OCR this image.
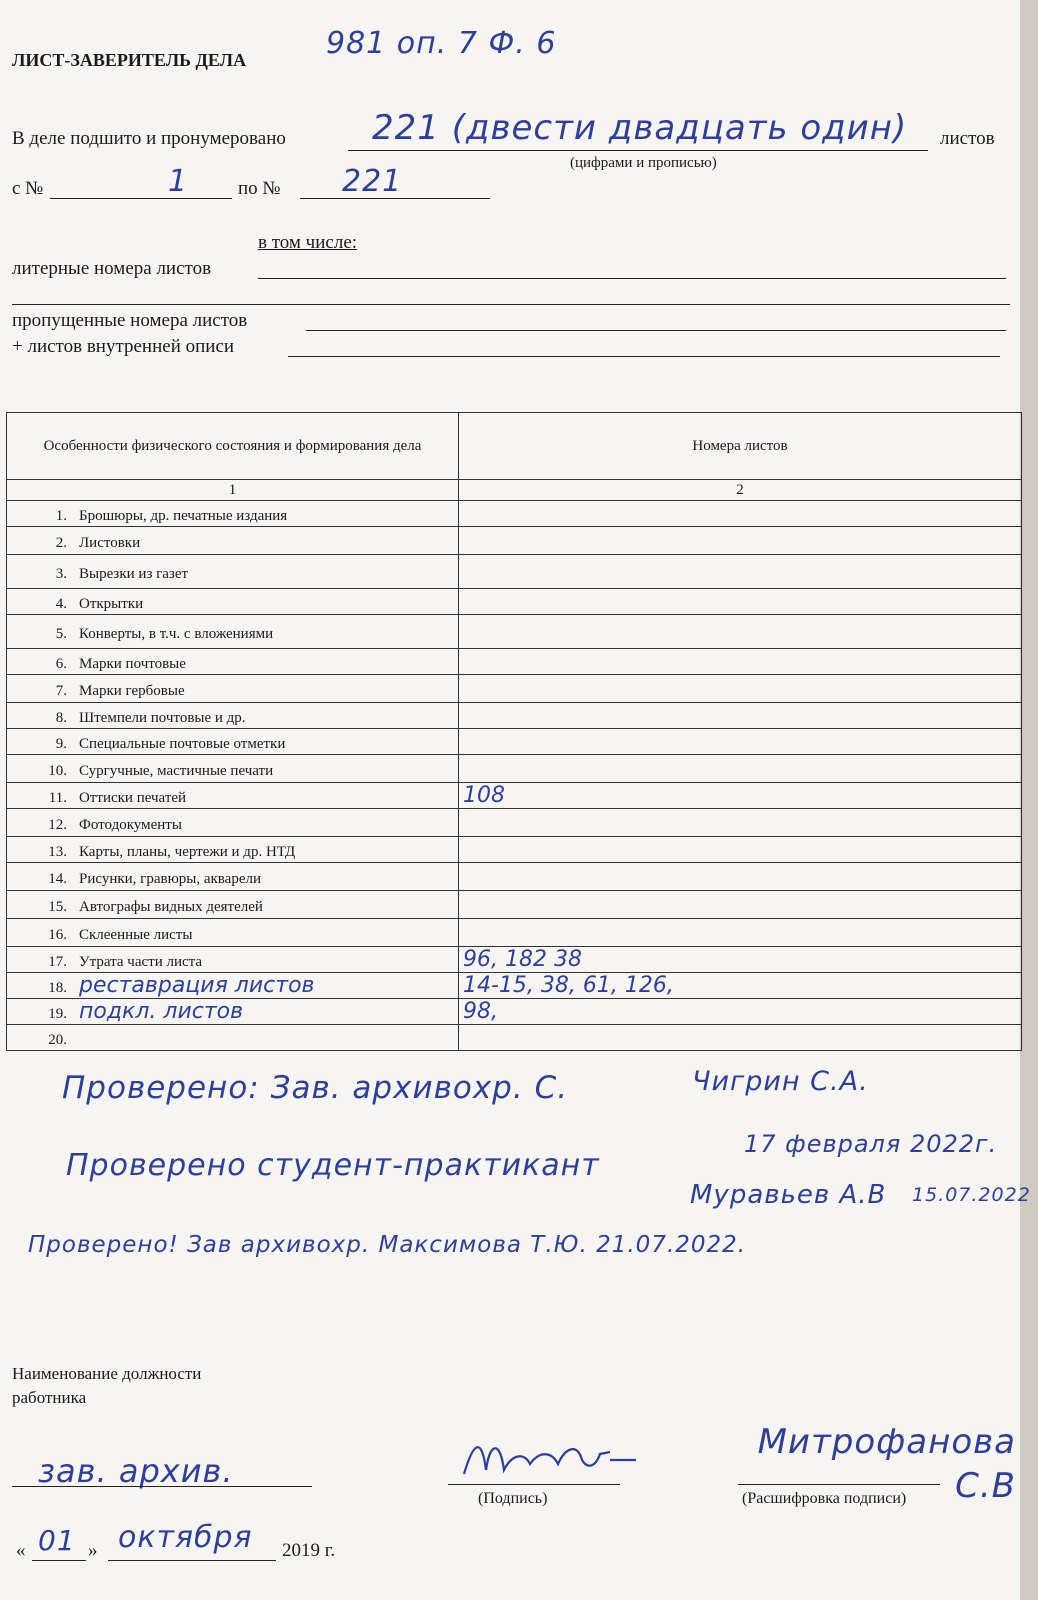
ЛИСТ-ЗАВЕРИТЕЛЬ ДЕЛА	981 оп. 7 Ф. 6
В деле подшито и пронумеровано	221 (двести двадцать один) листов
(цифрами и прописью)
с №	1	по № 221
в том числе:
литерные номера листов
пропущенные номера листов
+ листов внутренней описи
Особенности физического состояния и формирования дела	Номера листов
1	2
1. Брошюры, др. печатные издания	
2. Листовки	
3. Вырезки из газет	
4. Открытки	
5. Конверты, в т.ч. с вложениями	
6. Марки почтовые	
7. Марки гербовые	
8. Штемпели почтовые и др.	
9. Специальные почтовые отметки	
10. Сургучные, мастичные печати	
11. Оттиски печатей	108
12. Фотодокументы	
13. Карты, планы, чертежи и др. НТД	
14. Рисунки, гравюры, акварели	
15. Автографы видных деятелей	
16. Склеенные листы	
17. Утрата части листа	96, 182 38
18. реставрация листов	14-15, 38, 61, 126,
19. подкл. листов	98,
20.	
Проверено: Зав. архивохр. С.	Чигрин С.А.
Проверено студент-практикант
17 февраля 2022г.
Муравьев А.В 15.07.2022
Проверено! Зав архивохр. Максимова Т.Ю. 21.07.2022.
Наименование должности
работника
зав. архив.
(Подпись)
Митрофанова С.В
(Расшифровка подписи)
« 01 » октября 2019 г.
